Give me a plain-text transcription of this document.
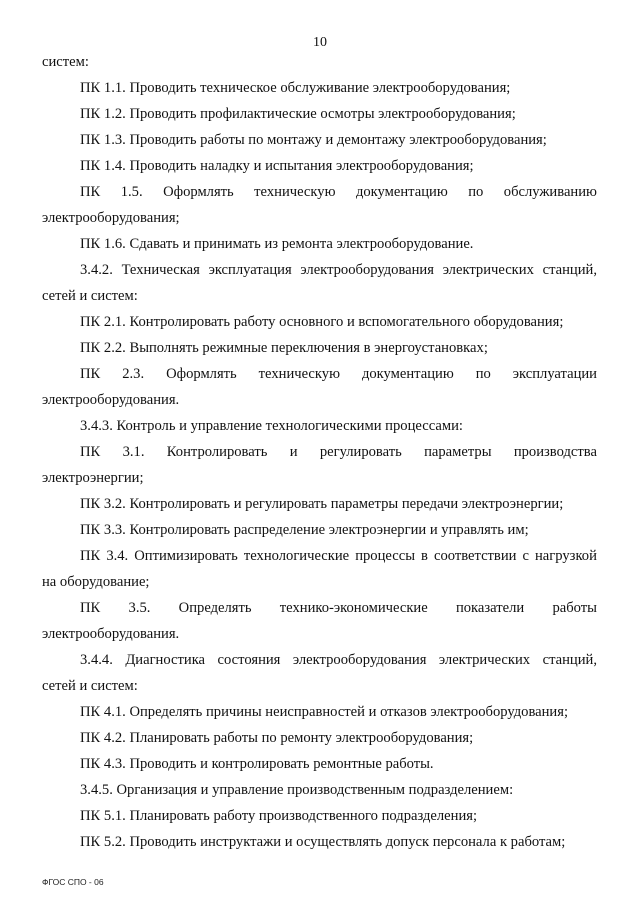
10
систем:
ПК 1.1. Проводить техническое обслуживание электрооборудования;
ПК 1.2. Проводить профилактические осмотры электрооборудования;
ПК 1.3. Проводить работы по монтажу и демонтажу электрооборудования;
ПК 1.4. Проводить наладку и испытания электрооборудования;
ПК 1.5. Оформлять техническую документацию по обслуживанию
электрооборудования;
ПК 1.6. Сдавать и принимать из ремонта электрооборудование.
3.4.2. Техническая эксплуатация электрооборудования электрических станций,
сетей и систем:
ПК 2.1. Контролировать работу основного и вспомогательного оборудования;
ПК 2.2. Выполнять режимные переключения в энергоустановках;
ПК 2.3. Оформлять техническую документацию по эксплуатации
электрооборудования.
3.4.3. Контроль и управление технологическими процессами:
ПК 3.1. Контролировать и регулировать параметры производства
электроэнергии;
ПК 3.2. Контролировать и регулировать параметры передачи электроэнергии;
ПК 3.3. Контролировать распределение электроэнергии и управлять им;
ПК 3.4. Оптимизировать технологические процессы в соответствии с нагрузкой
на оборудование;
ПК 3.5. Определять технико-экономические показатели работы
электрооборудования.
3.4.4. Диагностика состояния электрооборудования электрических станций,
сетей и систем:
ПК 4.1. Определять причины неисправностей и отказов электрооборудования;
ПК 4.2. Планировать работы по ремонту электрооборудования;
ПК 4.3. Проводить и контролировать ремонтные работы.
3.4.5. Организация и управление производственным подразделением:
ПК 5.1. Планировать работу производственного подразделения;
ПК 5.2. Проводить инструктажи и осуществлять допуск персонала к работам;
ФГОС СПО - 06
